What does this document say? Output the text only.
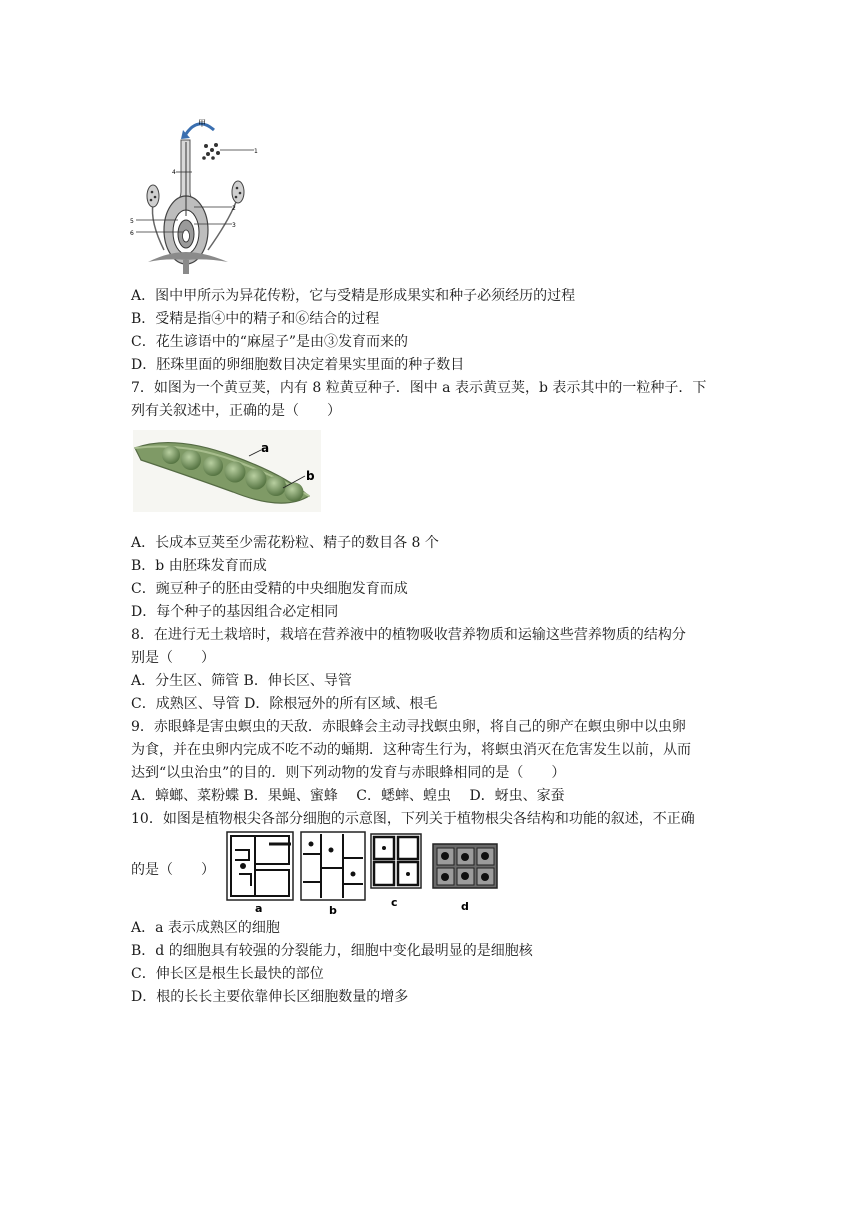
甲
1
2
3
5
6
4
A．图中甲所示为异花传粉，它与受精是形成果实和种子必须经历的过程
B．受精是指④中的精子和⑥结合的过程
C．花生谚语中的“麻屋子”是由③发育而来的
D．胚珠里面的卵细胞数目决定着果实里面的种子数目
7．如图为一个黄豆荚，内有 8 粒黄豆种子．图中 a 表示黄豆荚，b 表示其中的一粒种子．下
列有关叙述中，正确的是（　　）
a
b
A．长成本豆荚至少需花粉粒、精子的数目各 8 个
B．b 由胚珠发育而成
C．豌豆种子的胚由受精的中央细胞发育而成
D．每个种子的基因组合必定相同
8．在进行无土栽培时，栽培在营养液中的植物吸收营养物质和运输这些营养物质的结构分
别是（　　）
A．分生区、筛管 B．伸长区、导管
C．成熟区、导管 D．除根冠外的所有区域、根毛
9．赤眼蜂是害虫螟虫的天敌．赤眼蜂会主动寻找螟虫卵，将自己的卵产在螟虫卵中以虫卵
为食，并在虫卵内完成不吃不动的蛹期．这种寄生行为，将螟虫消灭在危害发生以前，从而
达到“以虫治虫”的目的．则下列动物的发育与赤眼蜂相同的是（　　）
A．蟑螂、菜粉蝶 B．果蝇、蜜蜂　 C．蟋蟀、蝗虫　 D．蚜虫、家蚕
10．如图是植物根尖各部分细胞的示意图，下列关于植物根尖各结构和功能的叙述，不正确
的是（　　）
a	b
c	d
A．a 表示成熟区的细胞
B．d 的细胞具有较强的分裂能力，细胞中变化最明显的是细胞核
C．伸长区是根生长最快的部位
D．根的长长主要依靠伸长区细胞数量的增多
